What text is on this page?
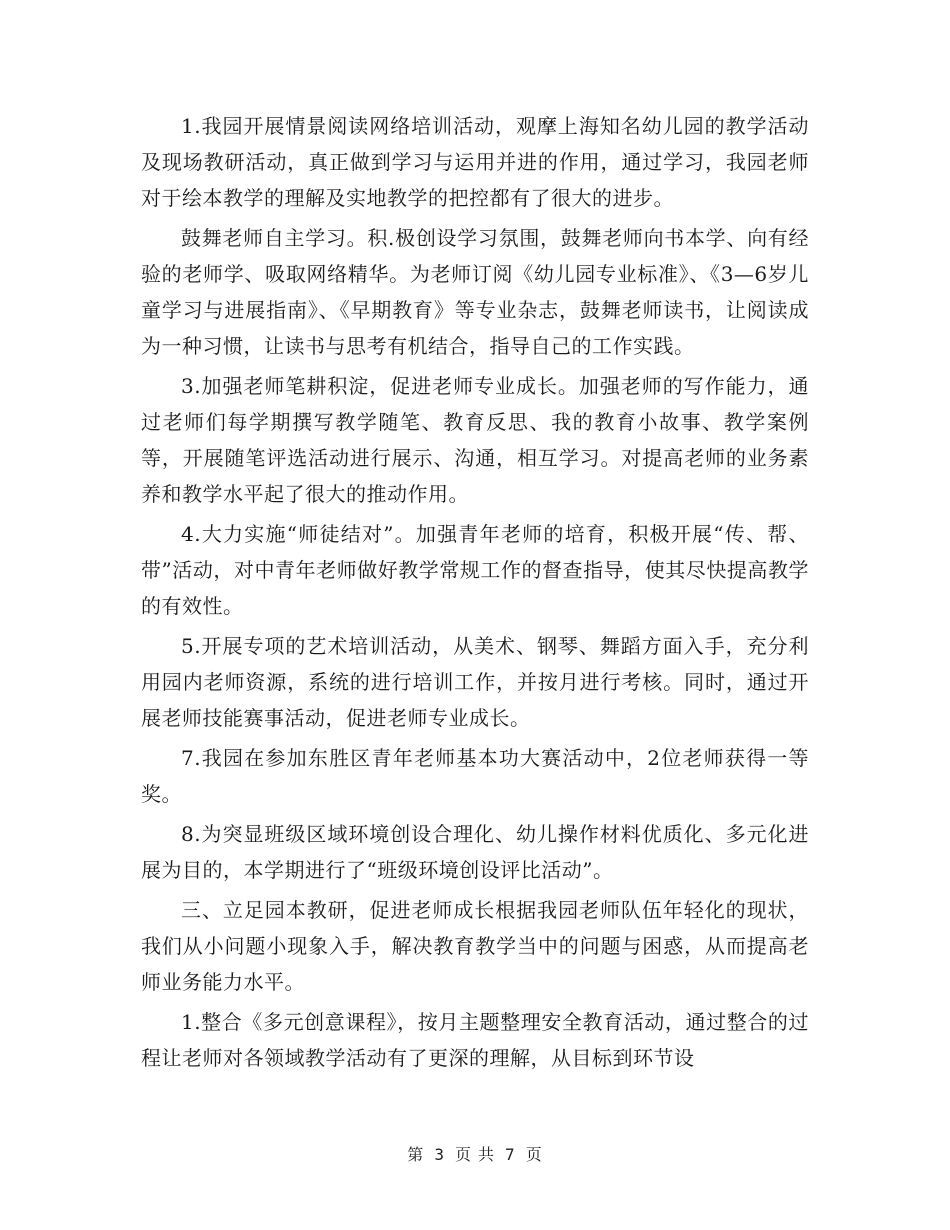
1.我园开展情景阅读网络培训活动，观摩上海知名幼儿园的教学活动及现场教研活动，真正做到学习与运用并进的作用，通过学习，我园老师对于绘本教学的理解及实地教学的把控都有了很大的进步。

鼓舞老师自主学习。积.极创设学习氛围，鼓舞老师向书本学、向有经验的老师学、吸取网络精华。为老师订阅《幼儿园专业标准》、《3—6岁儿童学习与进展指南》、《早期教育》等专业杂志，鼓舞老师读书，让阅读成为一种习惯，让读书与思考有机结合，指导自己的工作实践。

3.加强老师笔耕积淀，促进老师专业成长。加强老师的写作能力，通过老师们每学期撰写教学随笔、教育反思、我的教育小故事、教学案例等，开展随笔评选活动进行展示、沟通，相互学习。对提高老师的业务素养和教学水平起了很大的推动作用。

4.大力实施“师徒结对”。加强青年老师的培育，积极开展“传、帮、带”活动，对中青年老师做好教学常规工作的督查指导，使其尽快提高教学的有效性。

5.开展专项的艺术培训活动，从美术、钢琴、舞蹈方面入手，充分利用园内老师资源，系统的进行培训工作，并按月进行考核。同时，通过开展老师技能赛事活动，促进老师专业成长。

7.我园在参加东胜区青年老师基本功大赛活动中，2位老师获得一等奖。

8.为突显班级区域环境创设合理化、幼儿操作材料优质化、多元化进展为目的，本学期进行了“班级环境创设评比活动”。

三、立足园本教研，促进老师成长根据我园老师队伍年轻化的现状，我们从小问题小现象入手，解决教育教学当中的问题与困惑，从而提高老师业务能力水平。

1.整合《多元创意课程》，按月主题整理安全教育活动，通过整合的过程让老师对各领域教学活动有了更深的理解，从目标到环节设

第 3 页 共 7 页
